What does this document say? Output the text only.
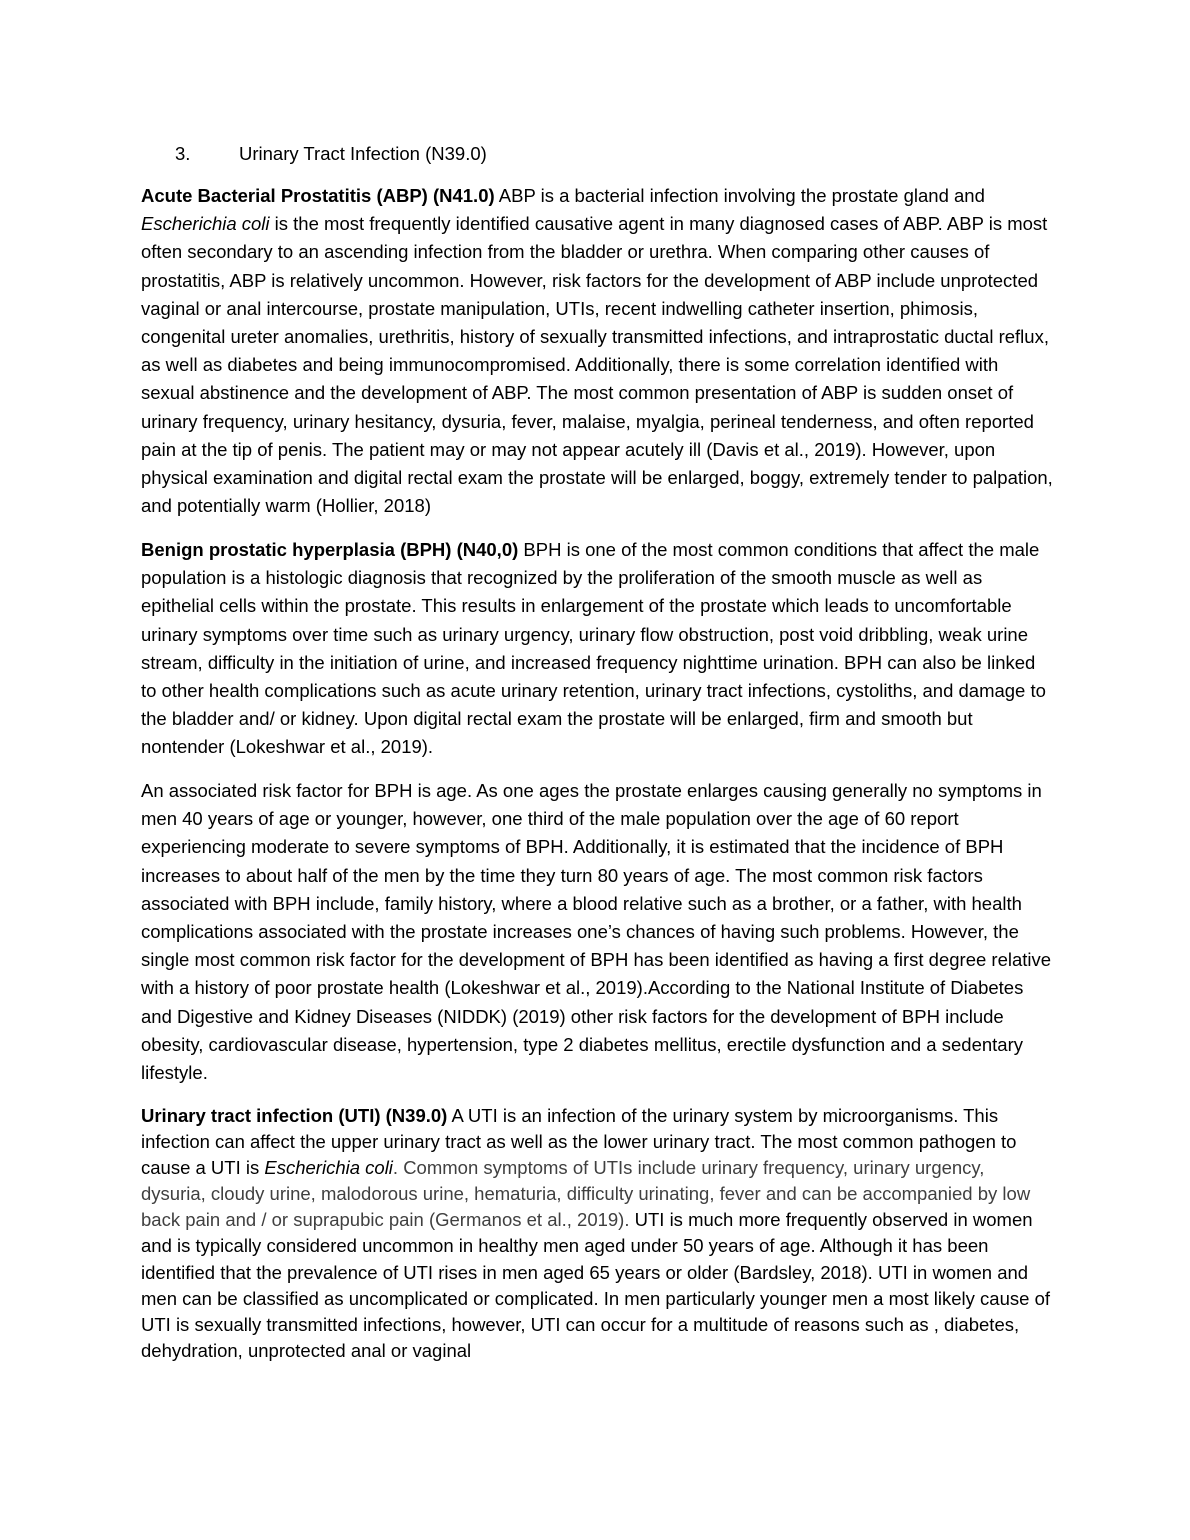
3.	Urinary Tract Infection (N39.0)

Acute Bacterial Prostatitis (ABP) (N41.0) ABP is a bacterial infection involving the prostate gland and Escherichia coli is the most frequently identified causative agent in many diagnosed cases of ABP. ABP is most often secondary to an ascending infection from the bladder or urethra. When comparing other causes of prostatitis, ABP is relatively uncommon. However, risk factors for the development of ABP include unprotected vaginal or anal intercourse, prostate manipulation, UTIs, recent indwelling catheter insertion, phimosis, congenital ureter anomalies, urethritis, history of sexually transmitted infections, and intraprostatic ductal reflux, as well as diabetes and being immunocompromised. Additionally, there is some correlation identified with sexual abstinence and the development of ABP. The most common presentation of ABP is sudden onset of urinary frequency, urinary hesitancy, dysuria, fever, malaise, myalgia, perineal tenderness, and often reported pain at the tip of penis. The patient may or may not appear acutely ill (Davis et al., 2019). However, upon physical examination and digital rectal exam the prostate will be enlarged, boggy, extremely tender to palpation, and potentially warm (Hollier, 2018)

Benign prostatic hyperplasia (BPH) (N40,0) BPH is one of the most common conditions that affect the male population is a histologic diagnosis that recognized by the proliferation of the smooth muscle as well as epithelial cells within the prostate. This results in enlargement of the prostate which leads to uncomfortable urinary symptoms over time such as urinary urgency, urinary flow obstruction, post void dribbling, weak urine stream, difficulty in the initiation of urine, and increased frequency nighttime urination. BPH can also be linked to other health complications such as acute urinary retention, urinary tract infections, cystoliths, and damage to the bladder and/ or kidney. Upon digital rectal exam the prostate will be enlarged, firm and smooth but nontender (Lokeshwar et al., 2019).

An associated risk factor for BPH is age. As one ages the prostate enlarges causing generally no symptoms in men 40 years of age or younger, however, one third of the male population over the age of 60 report experiencing moderate to severe symptoms of BPH. Additionally, it is estimated that the incidence of BPH increases to about half of the men by the time they turn 80 years of age. The most common risk factors associated with BPH include, family history, where a blood relative such as a brother, or a father, with health complications associated with the prostate increases one’s chances of having such problems. However, the single most common risk factor for the development of BPH has been identified as having a first degree relative with a history of poor prostate health (Lokeshwar et al., 2019).According to the National Institute of Diabetes and Digestive and Kidney Diseases (NIDDK) (2019) other risk factors for the development of BPH include obesity, cardiovascular disease, hypertension, type 2 diabetes mellitus, erectile dysfunction and a sedentary lifestyle.

Urinary tract infection (UTI) (N39.0) A UTI is an infection of the urinary system by microorganisms. This infection can affect the upper urinary tract as well as the lower urinary tract. The most common pathogen to cause a UTI is Escherichia coli. Common symptoms of UTIs include urinary frequency, urinary urgency, dysuria, cloudy urine, malodorous urine, hematuria, difficulty urinating, fever and can be accompanied by low back pain and / or suprapubic pain (Germanos et al., 2019). UTI is much more frequently observed in women and is typically considered uncommon in healthy men aged under 50 years of age. Although it has been identified that the prevalence of UTI rises in men aged 65 years or older (Bardsley, 2018). UTI in women and men can be classified as uncomplicated or complicated. In men particularly younger men a most likely cause of UTI is sexually transmitted infections, however, UTI can occur for a multitude of reasons such as , diabetes, dehydration, unprotected anal or vaginal
